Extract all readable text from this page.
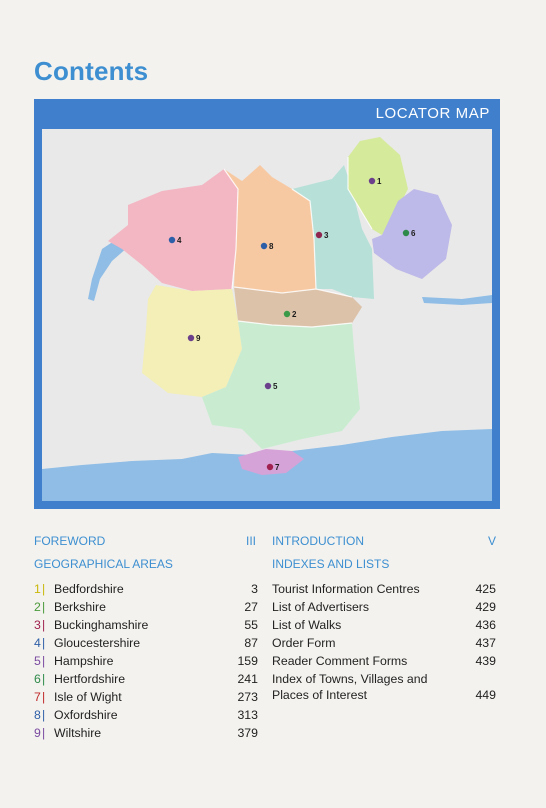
Contents
LOCATOR MAP
1
2
3
4
5
6
7
8
9
FOREWORD	III
GEOGRAPHICAL AREAS
1 | Bedfordshire	3
2 | Berkshire	27
3 | Buckinghamshire	55
4 | Gloucestershire	87
5 | Hampshire	159
6 | Hertfordshire	241
7 | Isle of Wight	273
8 | Oxfordshire	313
9 | Wiltshire	379
INTRODUCTION	V
INDEXES AND LISTS
Tourist Information Centres	425
List of Advertisers	429
List of Walks	436
Order Form	437
Reader Comment Forms	439
Index of Towns, Villages and
Places of Interest	449
